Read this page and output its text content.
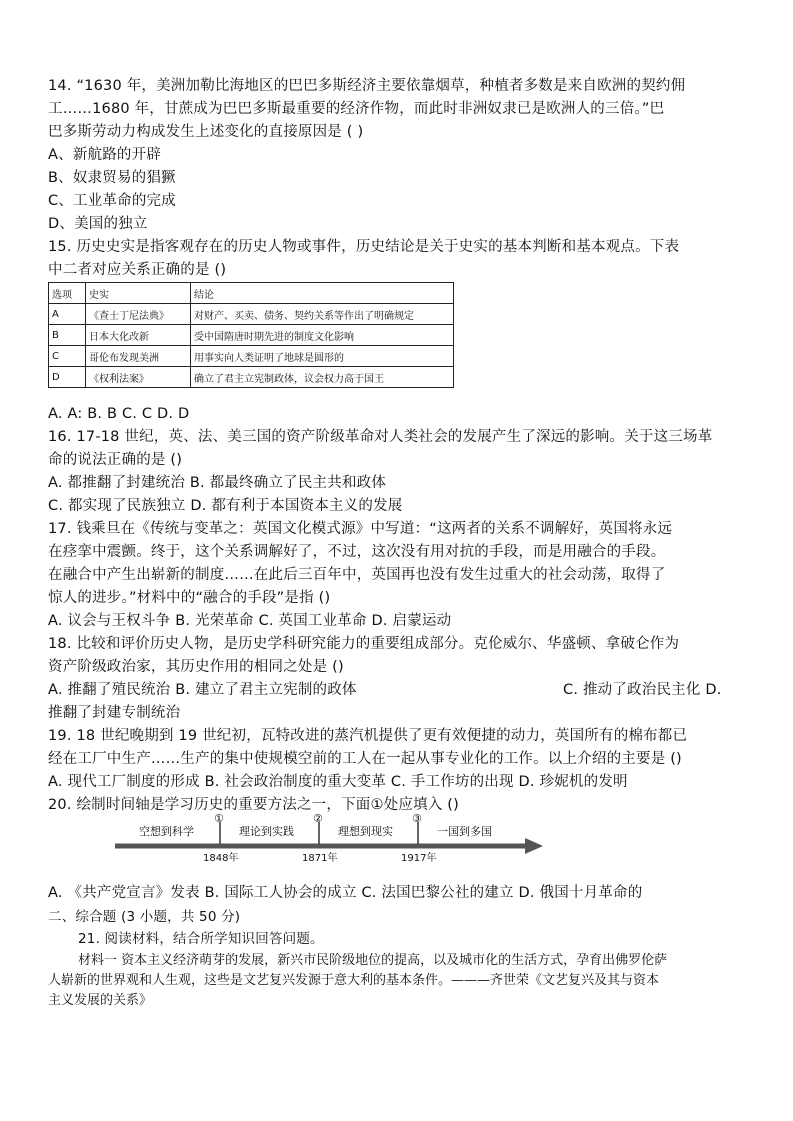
14. “1630 年，美洲加勒比海地区的巴巴多斯经济主要依靠烟草，种植者多数是来自欧洲的契约佣
工……1680 年，甘蔗成为巴巴多斯最重要的经济作物，而此时非洲奴隶已是欧洲人的三倍。”巴
巴多斯劳动力构成发生上述变化的直接原因是 ( )
A、新航路的开辟
B、奴隶贸易的猖獗
C、工业革命的完成
D、美国的独立
15. 历史史实是指客观存在的历史人物或事件，历史结论是关于史实的基本判断和基本观点。下表
中二者对应关系正确的是 ()
选项	史实	结论
A	《查士丁尼法典》	对财产、买卖、债务、契约关系等作出了明确规定
B	日本大化改新	受中国隋唐时期先进的制度文化影响
C	哥伦布发现美洲	用事实向人类证明了地球是圆形的
D	《权利法案》	确立了君主立宪制政体，议会权力高于国王
A. A: B. B C. C D. D
16. 17-18 世纪，英、法、美三国的资产阶级革命对人类社会的发展产生了深远的影响。关于这三场革
命的说法正确的是 ()
A. 都推翻了封建统治 B. 都最终确立了民主共和政体
C. 都实现了民族独立 D. 都有利于本国资本主义的发展
17. 钱乘旦在《传统与变革之：英国文化模式源》中写道：“这两者的关系不调解好，英国将永远
在痉挛中震颤。终于，这个关系调解好了，不过，这次没有用对抗的手段，而是用融合的手段。
在融合中产生出崭新的制度……在此后三百年中，英国再也没有发生过重大的社会动荡，取得了
惊人的进步。”材料中的“融合的手段”是指 ()
A. 议会与王权斗争 B. 光荣革命 C. 英国工业革命 D. 启蒙运动
18. 比较和评价历史人物，是历史学科研究能力的重要组成部分。克伦威尔、华盛顿、拿破仑作为
资产阶级政治家，其历史作用的相同之处是 ()
A. 推翻了殖民统治 B. 建立了君主立宪制的政体	C. 推动了政治民主化 D.
推翻了封建专制统治
19. 18 世纪晚期到 19 世纪初，瓦特改进的蒸汽机提供了更有效便捷的动力，英国所有的棉布都已
经在工厂中生产……生产的集中使规模空前的工人在一起从事专业化的工作。以上介绍的主要是 ()
A. 现代工厂制度的形成 B. 社会政治制度的重大变革 C. 手工作坊的出现 D. 珍妮机的发明
20. 绘制时间轴是学习历史的重要方法之一，下面①处应填入 ()
①	②	③
空想到科学	理论到实践	理想到现实	一国到多国
1848年	1871年	1917年
A. 《共产党宣言》发表 B. 国际工人协会的成立 C. 法国巴黎公社的建立 D. 俄国十月革命的
二、综合题 (3 小题，共 50 分)
21. 阅读材料，结合所学知识回答问题。
材料一 资本主义经济萌芽的发展，新兴市民阶级地位的提高，以及城市化的生活方式，孕育出佛罗伦萨
人崭新的世界观和人生观，这些是文艺复兴发源于意大利的基本条件。———齐世荣《文艺复兴及其与资本
主义发展的关系》
